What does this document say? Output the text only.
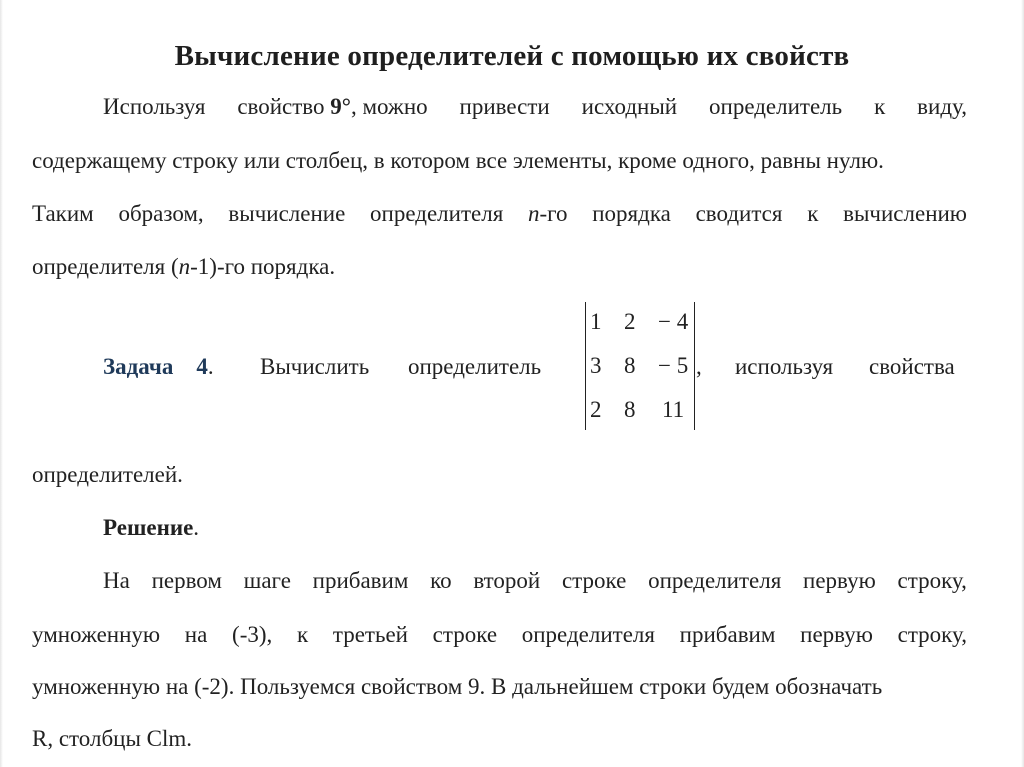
Вычисление определителей с помощью их свойств
Используя свойство 9°, можно привести исходный определитель к виду,
содержащему строку или столбец, в котором все элементы, кроме одного, равны нулю.
Таким образом, вычисление определителя n-го порядка сводится к вычислению
определителя (n-1)-го порядка.
Задача 4. Вычислить определитель	, используя свойства
1 2 − 4
3 8 − 5
2 8 11
определителей.
Решение.
На первом шаге прибавим ко второй строке определителя первую строку,
умноженную на (-3), к третьей строке определителя прибавим первую строку,
умноженную на (-2). Пользуемся свойством 9. В дальнейшем строки будем обозначать
R, столбцы Clm.
